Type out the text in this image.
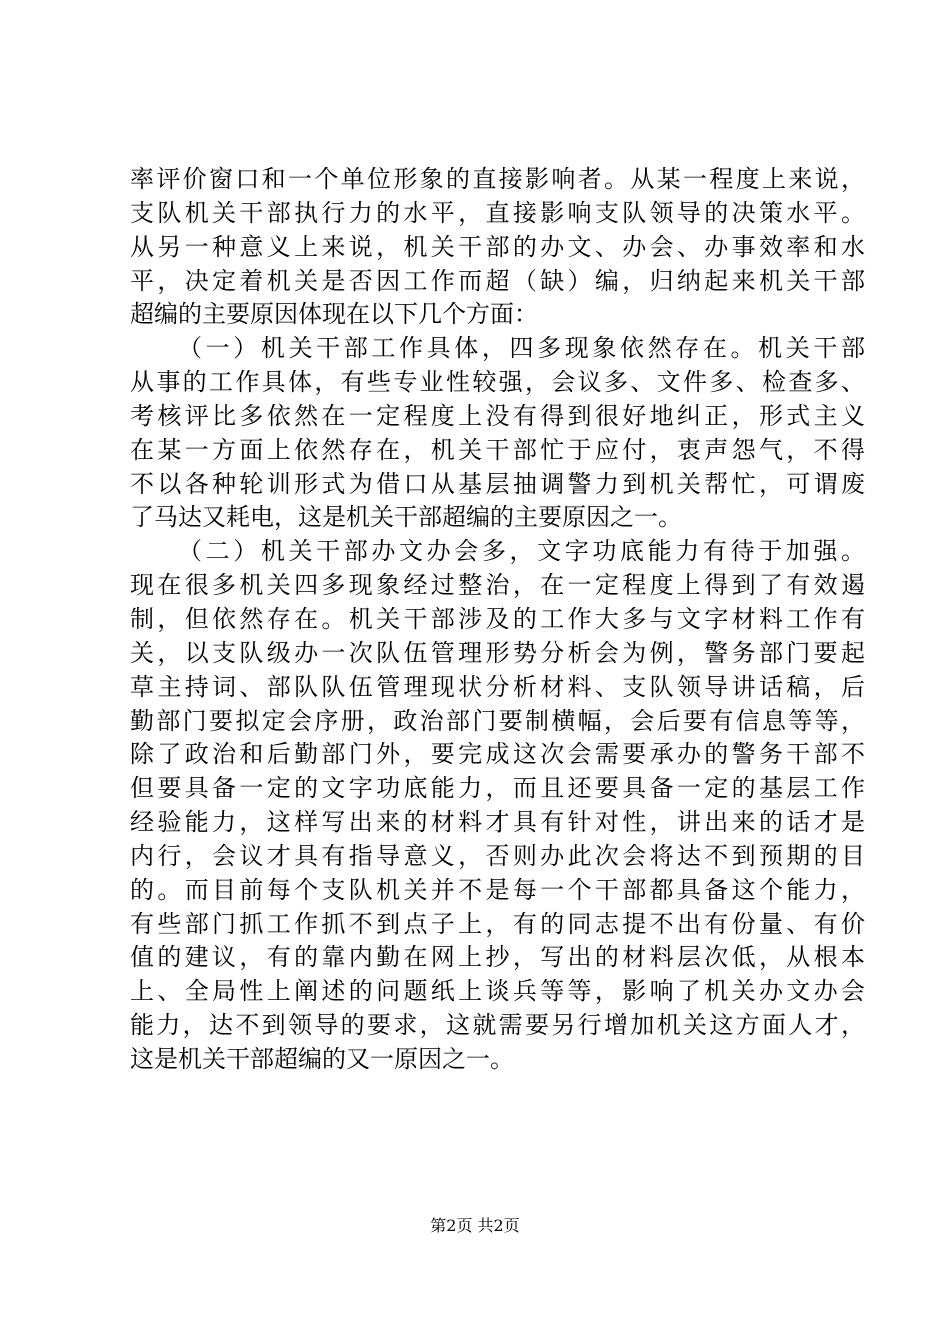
率评价窗口和一个单位形象的直接影响者。从某一程度上来说，
支队机关干部执行力的水平，直接影响支队领导的决策水平。
从另一种意义上来说，机关干部的办文、办会、办事效率和水
平，决定着机关是否因工作而超（缺）编，归纳起来机关干部
超编的主要原因体现在以下几个方面：
（一）机关干部工作具体，四多现象依然存在。机关干部
从事的工作具体，有些专业性较强，会议多、文件多、检查多、
考核评比多依然在一定程度上没有得到很好地纠正，形式主义
在某一方面上依然存在，机关干部忙于应付，衷声怨气，不得
不以各种轮训形式为借口从基层抽调警力到机关帮忙，可谓废
了马达又耗电，这是机关干部超编的主要原因之一。
（二）机关干部办文办会多，文字功底能力有待于加强。
现在很多机关四多现象经过整治，在一定程度上得到了有效遏
制，但依然存在。机关干部涉及的工作大多与文字材料工作有
关，以支队级办一次队伍管理形势分析会为例，警务部门要起
草主持词、部队队伍管理现状分析材料、支队领导讲话稿，后
勤部门要拟定会序册，政治部门要制横幅，会后要有信息等等，
除了政治和后勤部门外，要完成这次会需要承办的警务干部不
但要具备一定的文字功底能力，而且还要具备一定的基层工作
经验能力，这样写出来的材料才具有针对性，讲出来的话才是
内行，会议才具有指导意义，否则办此次会将达不到预期的目
的。而目前每个支队机关并不是每一个干部都具备这个能力，
有些部门抓工作抓不到点子上，有的同志提不出有份量、有价
值的建议，有的靠内勤在网上抄，写出的材料层次低，从根本
上、全局性上阐述的问题纸上谈兵等等，影响了机关办文办会
能力，达不到领导的要求，这就需要另行增加机关这方面人才，
这是机关干部超编的又一原因之一。
第2页 共2页
